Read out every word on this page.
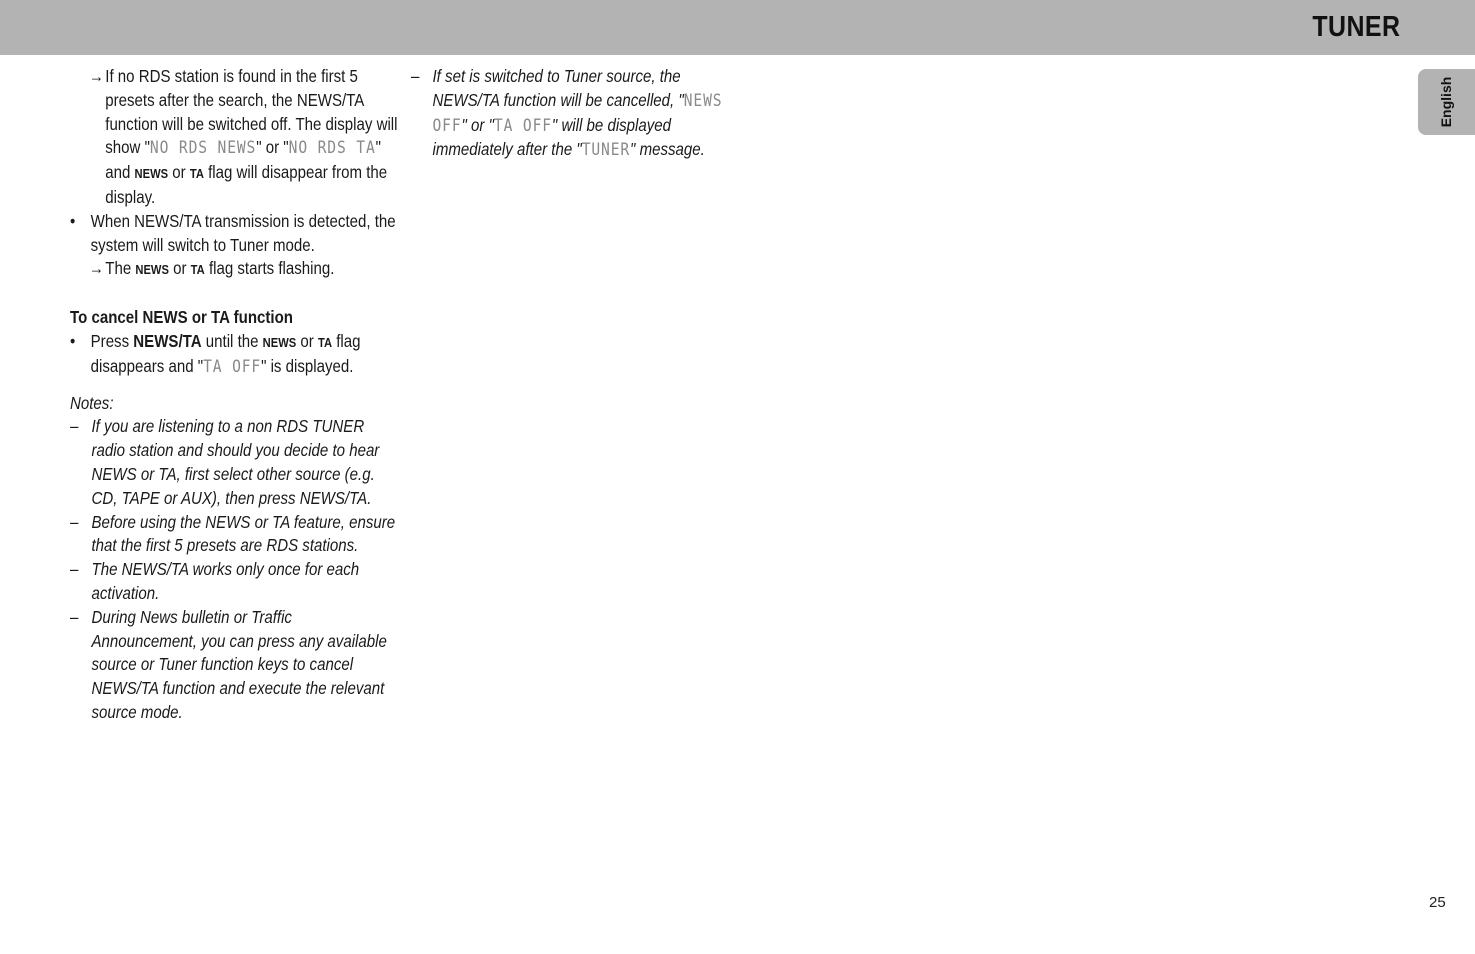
TUNER
English
→ If no RDS station is found in the first 5 presets after the search, the NEWS/TA function will be switched off. The display will show "NO RDS NEWS" or "NO RDS TA" and NEWS or TA flag will disappear from the display.
• When NEWS/TA transmission is detected, the system will switch to Tuner mode.
→ The NEWS or TA flag starts flashing.
To cancel NEWS or TA function
• Press NEWS/TA until the NEWS or TA flag disappears and "TA OFF" is displayed.
Notes:
– If you are listening to a non RDS TUNER radio station and should you decide to hear NEWS or TA, first select other source (e.g. CD, TAPE or AUX), then press NEWS/TA.
– Before using the NEWS or TA feature, ensure that the first 5 presets are RDS stations.
– The NEWS/TA works only once for each activation.
– During News bulletin or Traffic Announcement, you can press any available source or Tuner function keys to cancel NEWS/TA function and execute the relevant source mode.
– If set is switched to Tuner source, the NEWS/TA function will be cancelled, "NEWS OFF" or "TA OFF" will be displayed immediately after the "TUNER" message.
25
